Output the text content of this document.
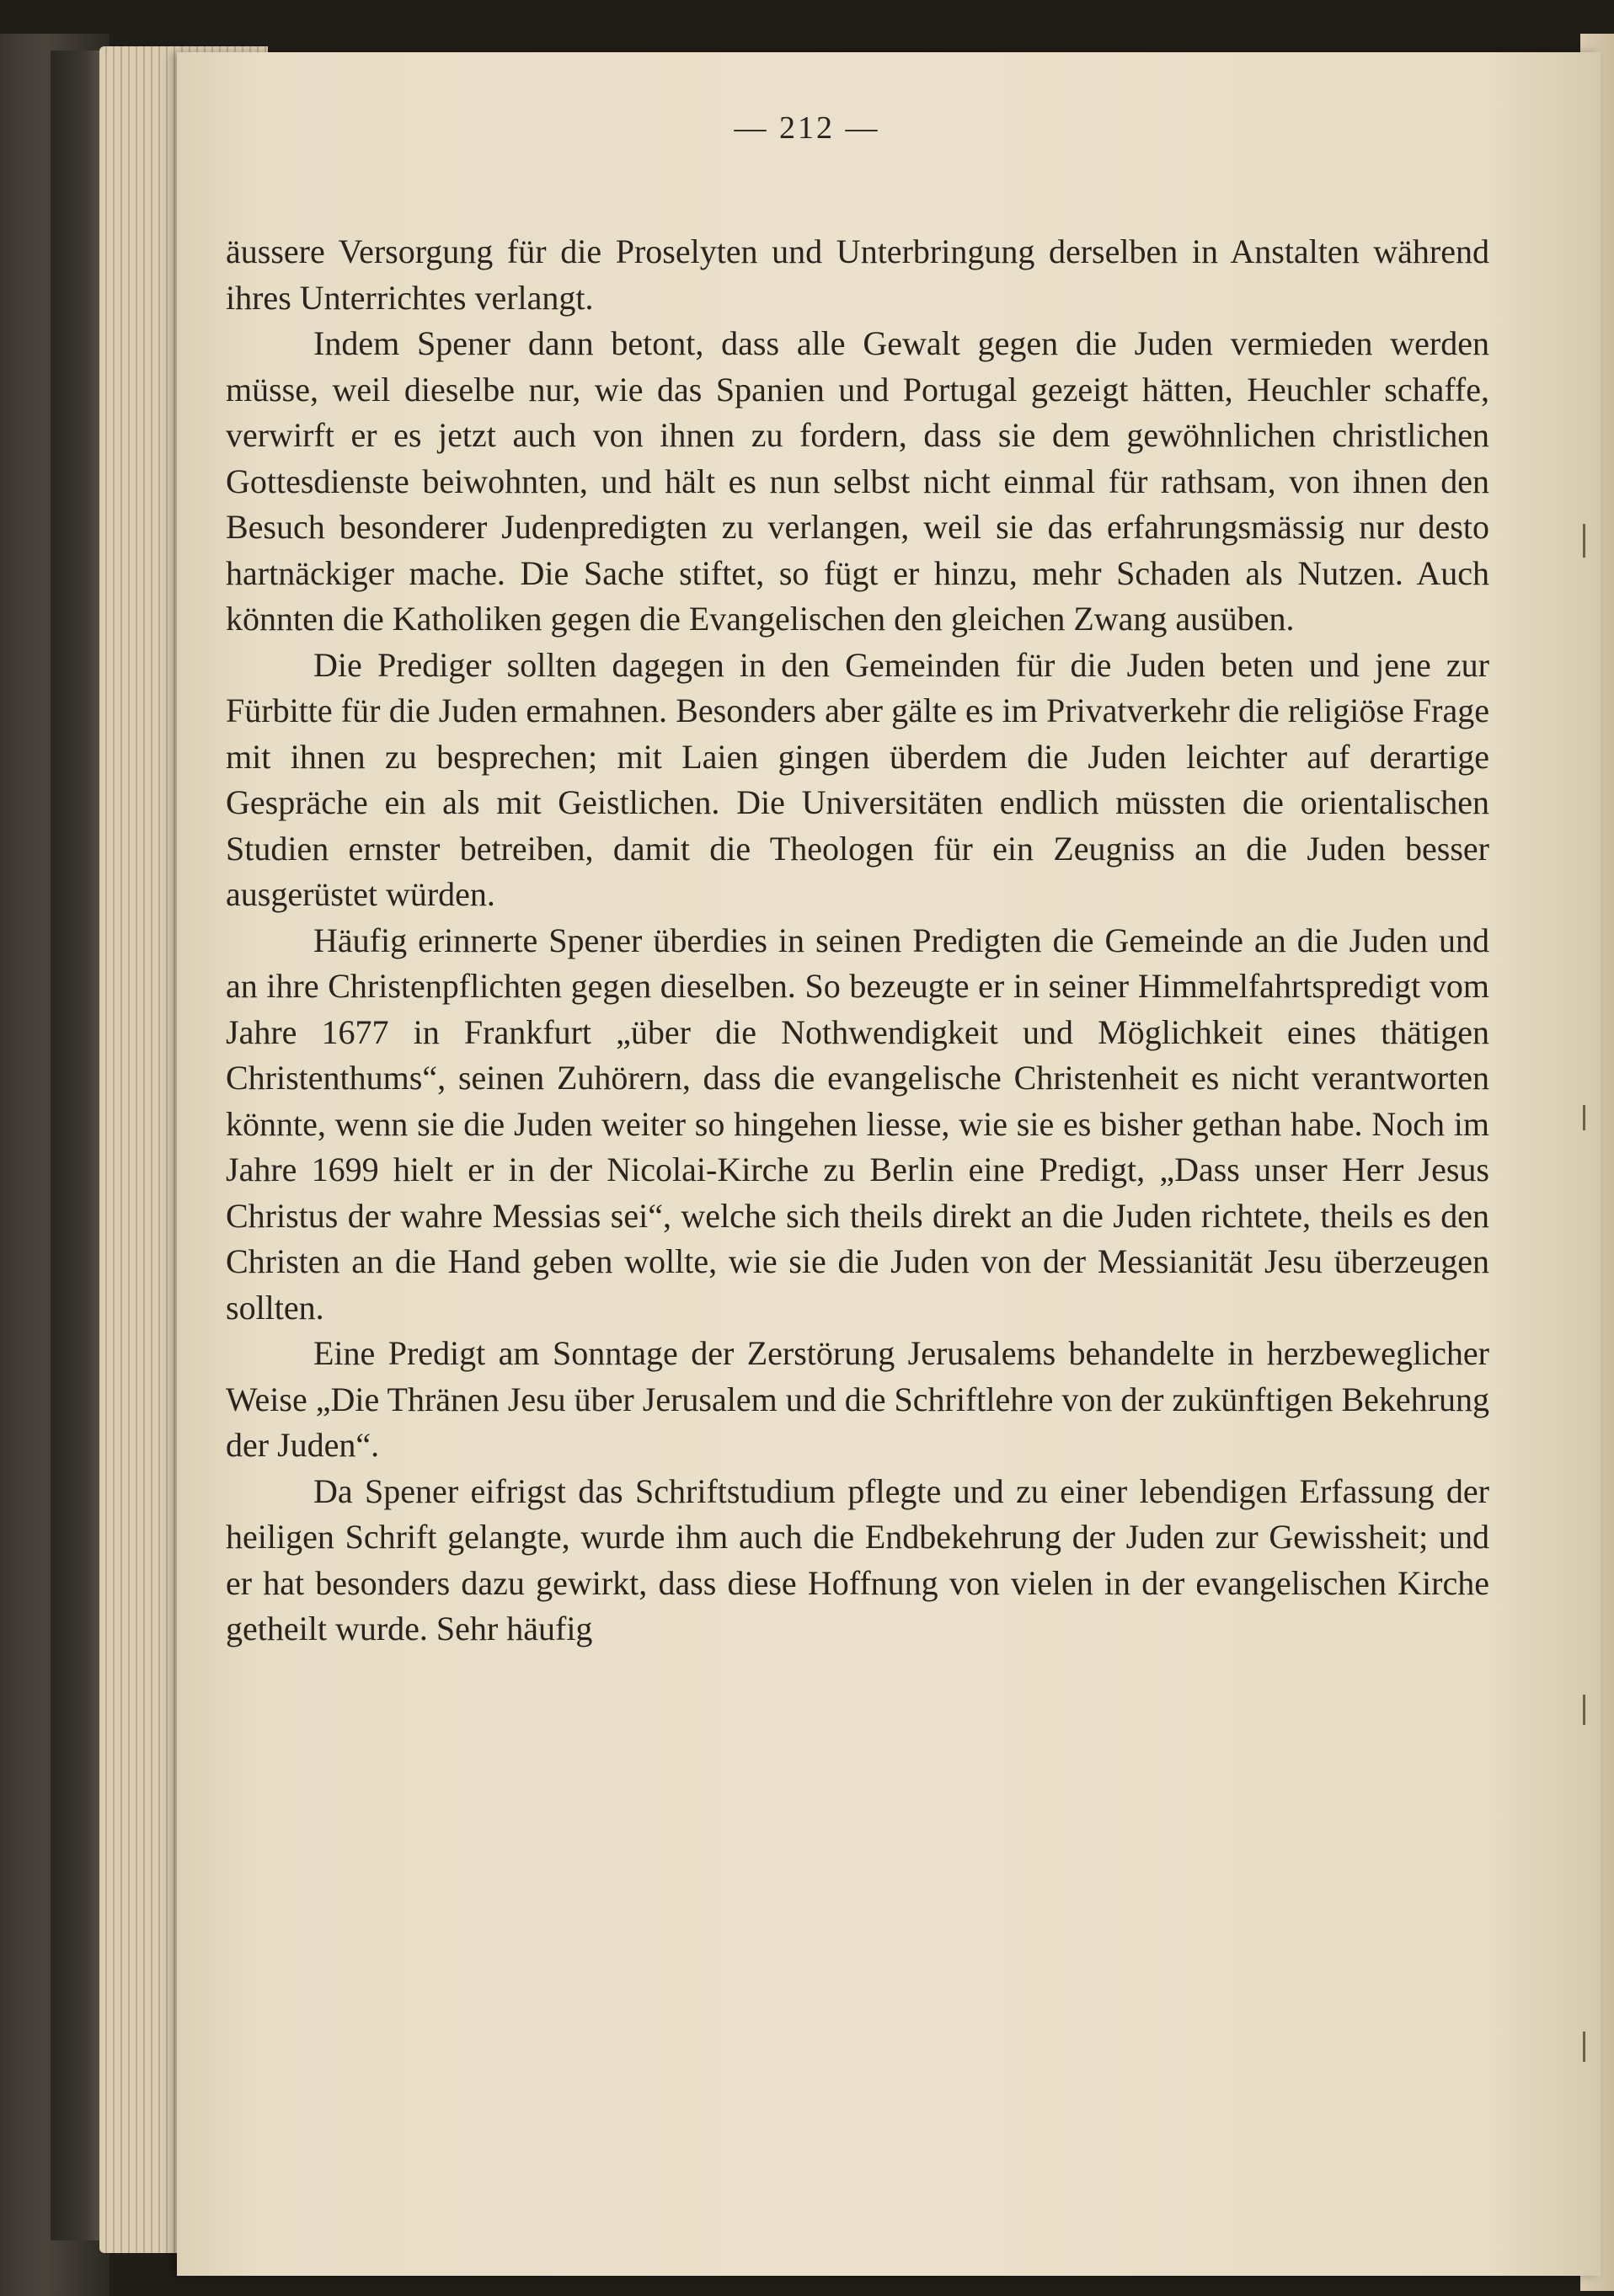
— 212 —

äussere Versorgung für die Proselyten und Unterbringung derselben in Anstalten während ihres Unterrichtes verlangt.

Indem Spener dann betont, dass alle Gewalt gegen die Juden vermieden werden müsse, weil dieselbe nur, wie das Spanien und Portugal gezeigt hätten, Heuchler schaffe, verwirft er es jetzt auch von ihnen zu fordern, dass sie dem gewöhnlichen christlichen Gottesdienste beiwohnten, und hält es nun selbst nicht einmal für rathsam, von ihnen den Besuch besonderer Judenpredigten zu verlangen, weil sie das erfahrungsmässig nur desto hartnäckiger mache. Die Sache stiftet, so fügt er hinzu, mehr Schaden als Nutzen. Auch könnten die Katholiken gegen die Evangelischen den gleichen Zwang ausüben.

Die Prediger sollten dagegen in den Gemeinden für die Juden beten und jene zur Fürbitte für die Juden ermahnen. Besonders aber gälte es im Privatverkehr die religiöse Frage mit ihnen zu besprechen; mit Laien gingen überdem die Juden leichter auf derartige Gespräche ein als mit Geistlichen. Die Universitäten endlich müssten die orientalischen Studien ernster betreiben, damit die Theologen für ein Zeugniss an die Juden besser ausgerüstet würden.

Häufig erinnerte Spener überdies in seinen Predigten die Gemeinde an die Juden und an ihre Christenpflichten gegen dieselben. So bezeugte er in seiner Himmelfahrtspredigt vom Jahre 1677 in Frankfurt „über die Nothwendigkeit und Möglichkeit eines thätigen Christenthums“, seinen Zuhörern, dass die evangelische Christenheit es nicht verantworten könnte, wenn sie die Juden weiter so hingehen liesse, wie sie es bisher gethan habe. Noch im Jahre 1699 hielt er in der Nicolai-Kirche zu Berlin eine Predigt, „Dass unser Herr Jesus Christus der wahre Messias sei“, welche sich theils direkt an die Juden richtete, theils es den Christen an die Hand geben wollte, wie sie die Juden von der Messianität Jesu überzeugen sollten.

Eine Predigt am Sonntage der Zerstörung Jerusalems behandelte in herzbeweglicher Weise „Die Thränen Jesu über Jerusalem und die Schriftlehre von der zukünftigen Bekehrung der Juden“.

Da Spener eifrigst das Schriftstudium pflegte und zu einer lebendigen Erfassung der heiligen Schrift gelangte, wurde ihm auch die Endbekehrung der Juden zur Gewissheit; und er hat besonders dazu gewirkt, dass diese Hoffnung von vielen in der evangelischen Kirche getheilt wurde. Sehr häufig
